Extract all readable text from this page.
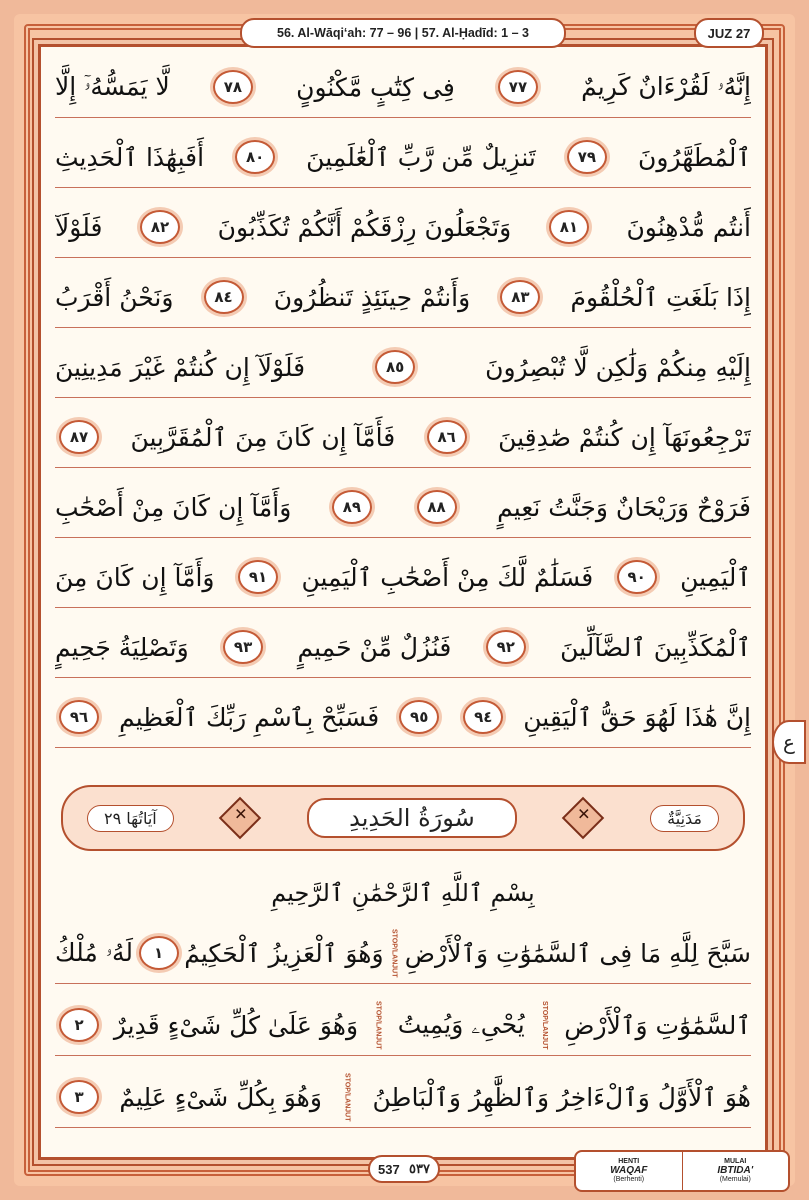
إِنَّهُۥ لَقُرْءَانٌ كَرِيمٌ
٧٧
فِى كِتَٰبٍ مَّكْنُونٍ
٧٨
لَّا يَمَسُّهُۥٓ إِلَّا
ٱلْمُطَهَّرُونَ
٧٩
تَنزِيلٌ مِّن رَّبِّ ٱلْعَٰلَمِينَ
٨٠
أَفَبِهَٰذَا ٱلْحَدِيثِ
أَنتُم مُّدْهِنُونَ
٨١
وَتَجْعَلُونَ رِزْقَكُمْ أَنَّكُمْ تُكَذِّبُونَ
٨٢
فَلَوْلَآ
إِذَا بَلَغَتِ ٱلْحُلْقُومَ
٨٣
وَأَنتُمْ حِينَئِذٍ تَنظُرُونَ
٨٤
وَنَحْنُ أَقْرَبُ
إِلَيْهِ مِنكُمْ وَلَٰكِن لَّا تُبْصِرُونَ
٨٥
فَلَوْلَآ إِن كُنتُمْ غَيْرَ مَدِينِينَ
تَرْجِعُونَهَآ إِن كُنتُمْ صَٰدِقِينَ
٨٦
فَأَمَّآ إِن كَانَ مِنَ ٱلْمُقَرَّبِينَ
٨٧
فَرَوْحٌ وَرَيْحَانٌ وَجَنَّتُ نَعِيمٍ
٨٨
٨٩
وَأَمَّآ إِن كَانَ مِنْ أَصْحَٰبِ
ٱلْيَمِينِ
٩٠
فَسَلَٰمٌ لَّكَ مِنْ أَصْحَٰبِ ٱلْيَمِينِ
٩١
وَأَمَّآ إِن كَانَ مِنَ
ٱلْمُكَذِّبِينَ ٱلضَّآلِّينَ
٩٢
فَنُزُلٌ مِّنْ حَمِيمٍ
٩٣
وَتَصْلِيَةُ جَحِيمٍ
إِنَّ هَٰذَا لَهُوَ حَقُّ ٱلْيَقِينِ
٩٤
٩٥
فَسَبِّحْ بِٱسْمِ رَبِّكَ ٱلْعَظِيمِ
٩٦
آيَاتُهَا ٢٩ ✕	سُورَةُ الحَدِيدِ ✕	مَدَنِيَّةٌ
بِسْمِ ٱللَّهِ ٱلرَّحْمَٰنِ ٱلرَّحِيمِ
سَبَّحَ لِلَّهِ مَا فِى ٱلسَّمَٰوَٰتِ وَٱلْأَرْضِ
STOP/LANJUT
وَهُوَ ٱلْعَزِيزُ ٱلْحَكِيمُ
١
لَهُۥ مُلْكُ
ٱلسَّمَٰوَٰتِ وَٱلْأَرْضِ
STOP/LANJUT
يُحْىِۦ وَيُمِيتُ
STOP/LANJUT
وَهُوَ عَلَىٰ كُلِّ شَىْءٍ قَدِيرٌ
٢
هُوَ ٱلْأَوَّلُ وَٱلْءَاخِرُ وَٱلظَّٰهِرُ وَٱلْبَاطِنُ
STOP/LANJUT
وَهُوَ بِكُلِّ شَىْءٍ عَلِيمٌ
٣
56. Al-Wāqi‘ah: 77 – 96 | 57. Al-Ḥadīd: 1 – 3	JUZ 27
ع
537 ٥٣٧	HENTI
WAQAF
(Berhenti)
MULAI
IBTIDA'
(Memulai)
